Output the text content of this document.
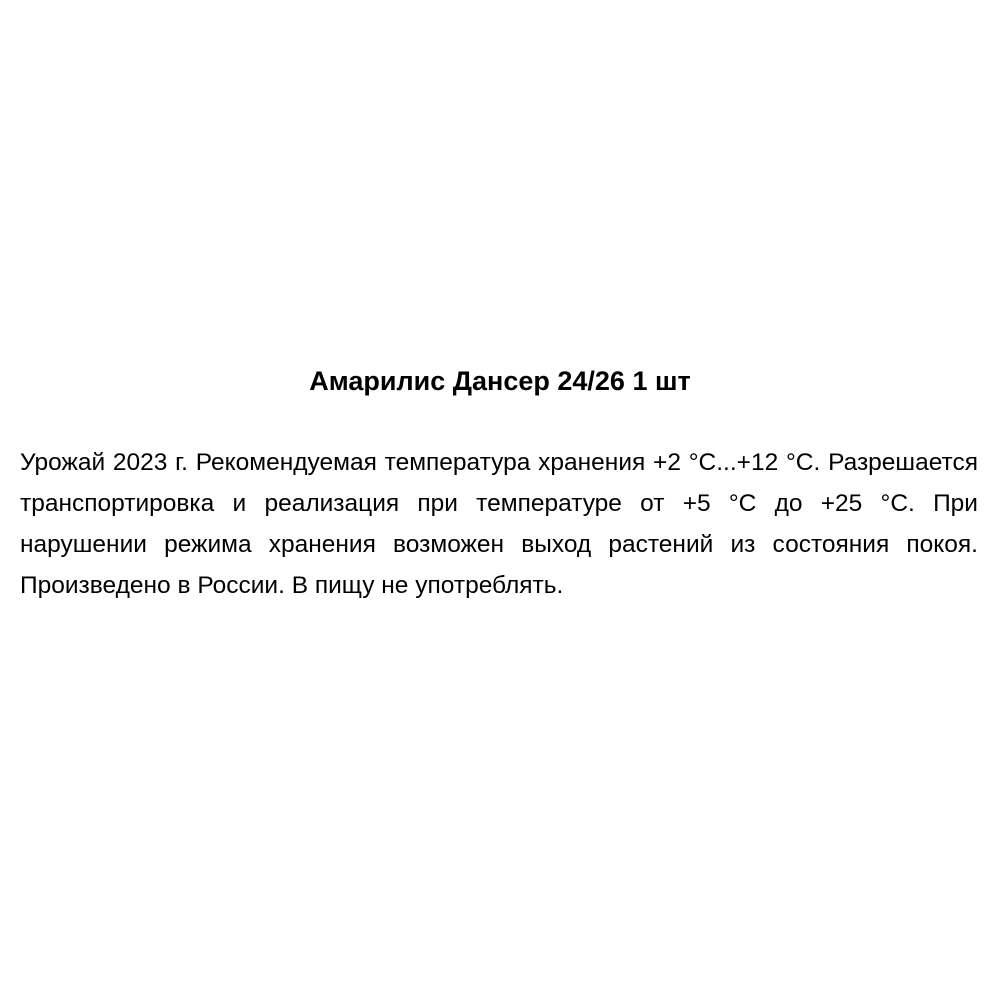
Амарилис Дансер 24/26 1 шт

Урожай 2023 г. Рекомендуемая температура хранения +2 °С...+12 °С. Разрешается транспортировка и реализация при температуре от +5 °С до +25 °С. При нарушении режима хранения возможен выход растений из состояния покоя. Произведено в России. В пищу не употреблять.
